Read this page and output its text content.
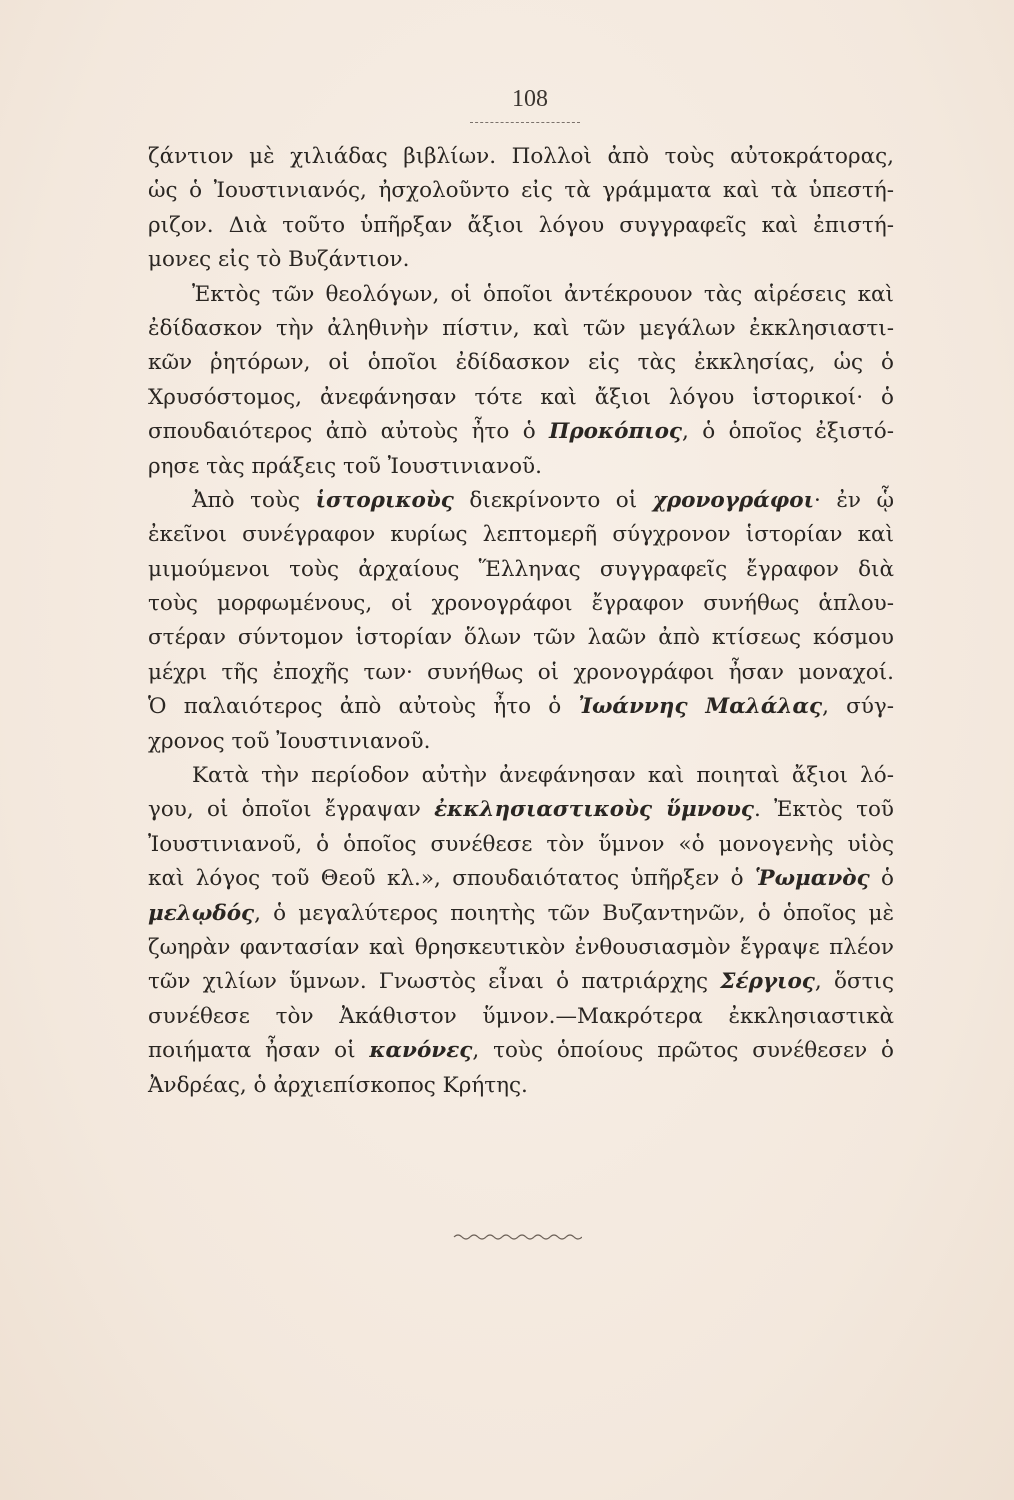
108
ζάντιον μὲ χιλιάδας βιβλίων. Πολλοὶ ἀπὸ τοὺς αὐτοκράτορας,
ὡς ὁ Ἰουστινιανός, ἠσχολοῦντο εἰς τὰ γράμματα καὶ τὰ ὑπεστή-
ριζον. Διὰ τοῦτο ὑπῆρξαν ἄξιοι λόγου συγγραφεῖς καὶ ἐπιστή-
μονες εἰς τὸ Βυζάντιον.
Ἐκτὸς τῶν θεολόγων, οἱ ὁποῖοι ἀντέκρουον τὰς αἱρέσεις καὶ
ἐδίδασκον τὴν ἀληθινὴν πίστιν, καὶ τῶν μεγάλων ἐκκλησιαστι-
κῶν ῥητόρων, οἱ ὁποῖοι ἐδίδασκον εἰς τὰς ἐκκλησίας, ὡς ὁ
Χρυσόστομος, ἀνεφάνησαν τότε καὶ ἄξιοι λόγου ἱστορικοί· ὁ
σπουδαιότερος ἀπὸ αὐτοὺς ἦτο ὁ Προκόπιος, ὁ ὁποῖος ἐξιστό-
ρησε τὰς πράξεις τοῦ Ἰουστινιανοῦ.
Ἀπὸ τοὺς ἱστορικοὺς διεκρίνοντο οἱ χρονογράφοι· ἐν ᾧ
ἐκεῖνοι συνέγραφον κυρίως λεπτομερῆ σύγχρονον ἱστορίαν καὶ
μιμούμενοι τοὺς ἀρχαίους Ἕλληνας συγγραφεῖς ἔγραφον διὰ
τοὺς μορφωμένους, οἱ χρονογράφοι ἔγραφον συνήθως ἁπλου-
στέραν σύντομον ἱστορίαν ὅλων τῶν λαῶν ἀπὸ κτίσεως κόσμου
μέχρι τῆς ἐποχῆς των· συνήθως οἱ χρονογράφοι ἦσαν μοναχοί.
Ὁ παλαιότερος ἀπὸ αὐτοὺς ἦτο ὁ Ἰωάννης Μαλάλας, σύγ-
χρονος τοῦ Ἰουστινιανοῦ.
Κατὰ τὴν περίοδον αὐτὴν ἀνεφάνησαν καὶ ποιηταὶ ἄξιοι λό-
γου, οἱ ὁποῖοι ἔγραψαν ἐκκλησιαστικοὺς ὕμνους. Ἐκτὸς τοῦ
Ἰουστινιανοῦ, ὁ ὁποῖος συνέθεσε τὸν ὕμνον «ὁ μονογενὴς υἱὸς
καὶ λόγος τοῦ Θεοῦ κλ.», σπουδαιότατος ὑπῆρξεν ὁ Ῥωμανὸς ὁ
μελῳδός, ὁ μεγαλύτερος ποιητὴς τῶν Βυζαντηνῶν, ὁ ὁποῖος μὲ
ζωηρὰν φαντασίαν καὶ θρησκευτικὸν ἐνθουσιασμὸν ἔγραψε πλέον
τῶν χιλίων ὕμνων. Γνωστὸς εἶναι ὁ πατριάρχης Σέργιος, ὅστις
συνέθεσε τὸν Ἀκάθιστον ὕμνον.—Μακρότερα ἐκκλησιαστικὰ
ποιήματα ἦσαν οἱ κανόνες, τοὺς ὁποίους πρῶτος συνέθεσεν ὁ
Ἀνδρέας, ὁ ἀρχιεπίσκοπος Κρήτης.
